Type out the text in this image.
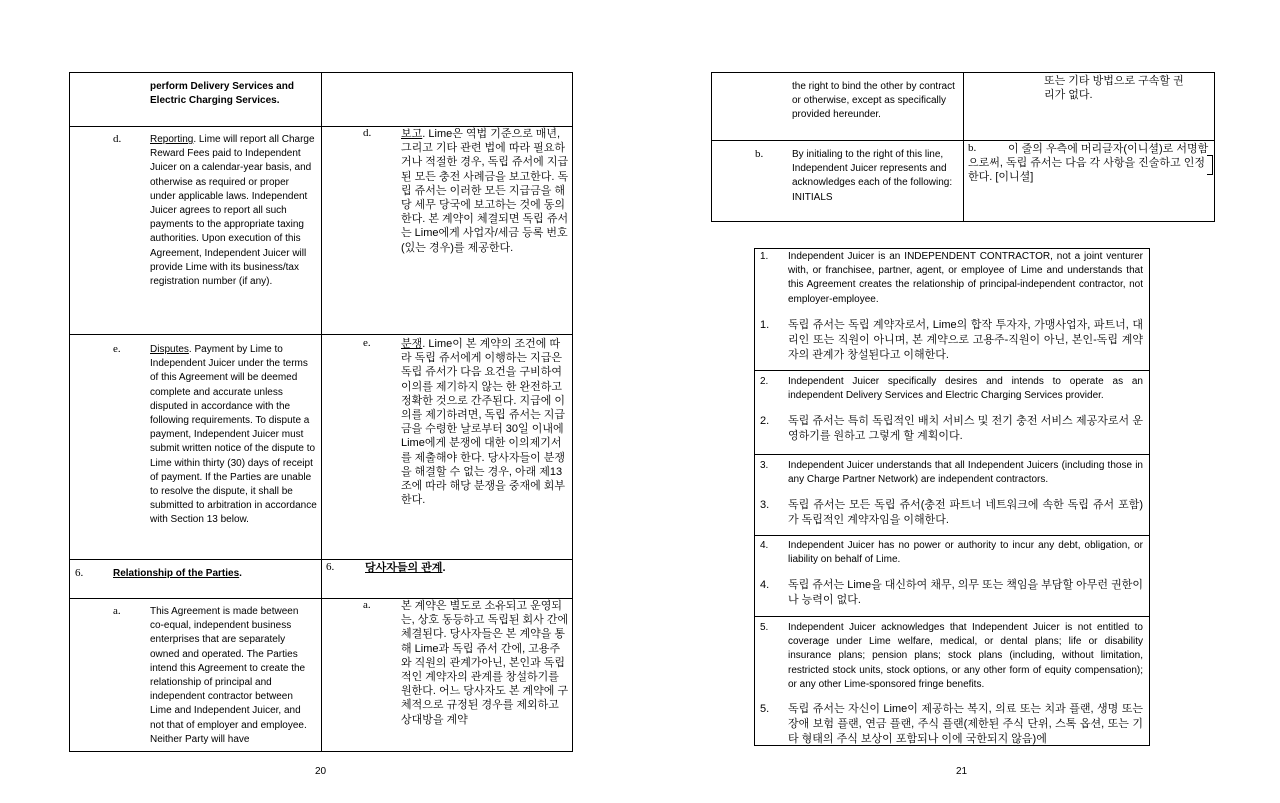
perform Delivery Services and Electric Charging Services.
d.	Reporting. Lime will report all Charge Reward Fees paid to Independent Juicer on a calendar-year basis, and otherwise as required or proper under applicable laws. Independent Juicer agrees to report all such payments to the appropriate taxing authorities. Upon execution of this Agreement, Independent Juicer will provide Lime with its business/tax registration number (if any).
d.	보고. Lime은 역법 기준으로 매년, 그리고 기타 관련 법에 따라 필요하거나 적절한 경우, 독립 쥬서에 지급된 모든 충전 사례금을 보고한다. 독립 쥬서는 이러한 모든 지급금을 해당 세무 당국에 보고하는 것에 동의한다. 본 계약이 체결되면 독립 쥬서는 Lime에게 사업자/세금 등록 번호(있는 경우)를 제공한다.
e.	Disputes. Payment by Lime to Independent Juicer under the terms of this Agreement will be deemed complete and accurate unless disputed in accordance with the following requirements. To dispute a payment, Independent Juicer must submit written notice of the dispute to Lime within thirty (30) days of receipt of payment. If the Parties are unable to resolve the dispute, it shall be submitted to arbitration in accordance with Section 13 below.
e.	분쟁. Lime이 본 계약의 조건에 따라 독립 쥬서에게 이행하는 지급은 독립 쥬서가 다음 요건을 구비하여 이의를 제기하지 않는 한 완전하고 정확한 것으로 간주된다. 지급에 이의를 제기하려면, 독립 쥬서는 지급금을 수령한 날로부터 30일 이내에 Lime에게 분쟁에 대한 이의제기서를 제출해야 한다. 당사자들이 분쟁을 해결할 수 없는 경우, 아래 제13조에 따라 해당 분쟁을 중재에 회부한다.
6.	Relationship of the Parties.
6.	당사자들의 관계.
a.	This Agreement is made between co-equal, independent business enterprises that are separately owned and operated. The Parties intend this Agreement to create the relationship of principal and independent contractor between Lime and Independent Juicer, and not that of employer and employee. Neither Party will have
a.	본 계약은 별도로 소유되고 운영되는, 상호 동등하고 독립된 회사 간에 체결된다. 당사자들은 본 계약을 통해 Lime과 독립 쥬서 간에, 고용주와 직원의 관계가아닌, 본인과 독립적인 계약자의 관계를 창설하기를 원한다. 어느 당사자도 본 계약에 구체적으로 규정된 경우를 제외하고 상대방을 계약
20
the right to bind the other by contract or otherwise, except as specifically provided hereunder.
또는 기타 방법으로 구속할 권리가 없다.
b.	By initialing to the right of this line, Independent Juicer represents and acknowledges each of the following: INITIALS
b.	이 줄의 우측에 머리글자(이니셜)로 서명함으로써, 독립 쥬서는 다음 각 사항을 진술하고 인정한다. [이니셜]
1.	Independent Juicer is an INDEPENDENT CONTRACTOR, not a joint venturer with, or franchisee, partner, agent, or employee of Lime and understands that this Agreement creates the relationship of principal-independent contractor, not employer-employee.
1.	독립 쥬서는 독립 계약자로서, Lime의 합작 투자자, 가맹사업자, 파트너, 대리인 또는 직원이 아니며, 본 계약으로 고용주-직원이 아닌, 본인-독립 계약자의 관계가 창설된다고 이해한다.
2.	Independent Juicer specifically desires and intends to operate as an independent Delivery Services and Electric Charging Services provider.
2.	독립 쥬서는 특히 독립적인 배치 서비스 및 전기 충전 서비스 제공자로서 운영하기를 원하고 그렇게 할 계획이다.
3.	Independent Juicer understands that all Independent Juicers (including those in any Charge Partner Network) are independent contractors.
3.	독립 쥬서는 모든 독립 쥬서(충전 파트너 네트워크에 속한 독립 쥬서 포함)가 독립적인 계약자임을 이해한다.
4.	Independent Juicer has no power or authority to incur any debt, obligation, or liability on behalf of Lime.
4.	독립 쥬서는 Lime을 대신하여 채무, 의무 또는 책임을 부담할 아무런 권한이나 능력이 없다.
5.	Independent Juicer acknowledges that Independent Juicer is not entitled to coverage under Lime welfare, medical, or dental plans; life or disability insurance plans; pension plans; stock plans (including, without limitation, restricted stock units, stock options, or any other form of equity compensation); or any other Lime-sponsored fringe benefits.
5.	독립 쥬서는 자신이 Lime이 제공하는 복지, 의료 또는 치과 플랜, 생명 또는 장애 보험 플랜, 연금 플랜, 주식 플랜(제한된 주식 단위, 스톡 옵션, 또는 기타 형태의 주식 보상이 포함되나 이에 국한되지 않음)에
21
